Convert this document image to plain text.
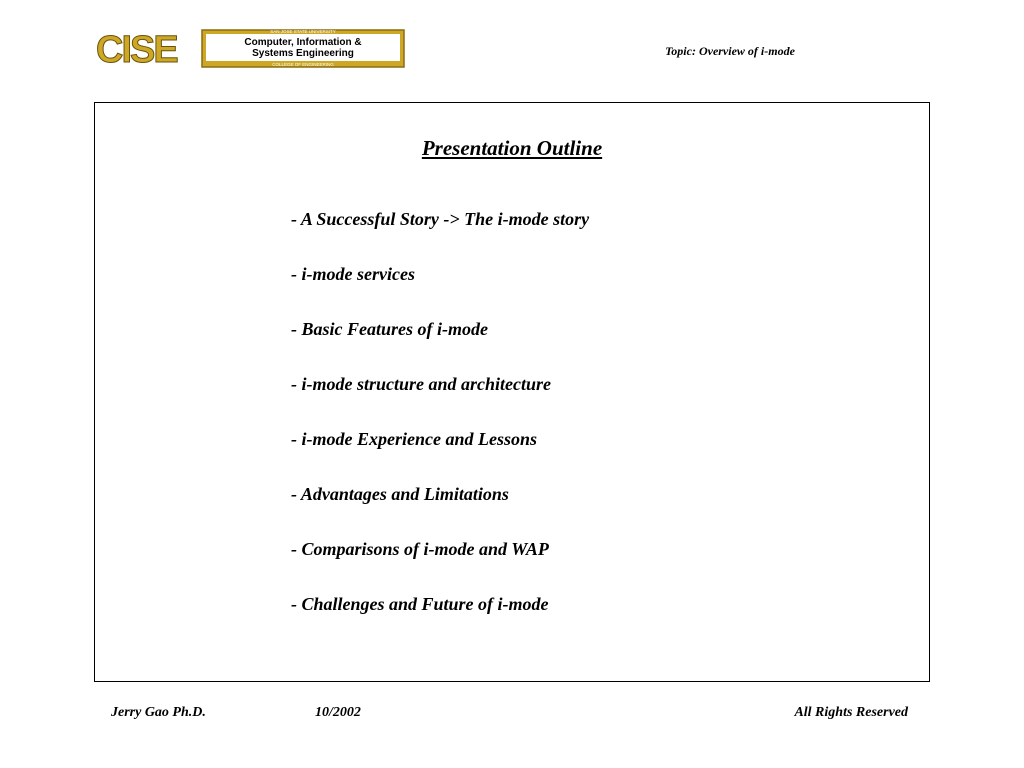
CISE	SAN JOSE STATE UNIVERSITY
Computer, Information &
Systems Engineering
COLLEGE OF ENGINEERING
Topic: Overview of i-mode
Presentation Outline
- A Successful Story -> The i-mode story
- i-mode services
- Basic Features of i-mode
- i-mode structure and architecture
- i-mode Experience and Lessons
- Advantages and Limitations
- Comparisons of i-mode and WAP
- Challenges and Future of i-mode
Jerry Gao Ph.D.	10/2002	All Rights Reserved
